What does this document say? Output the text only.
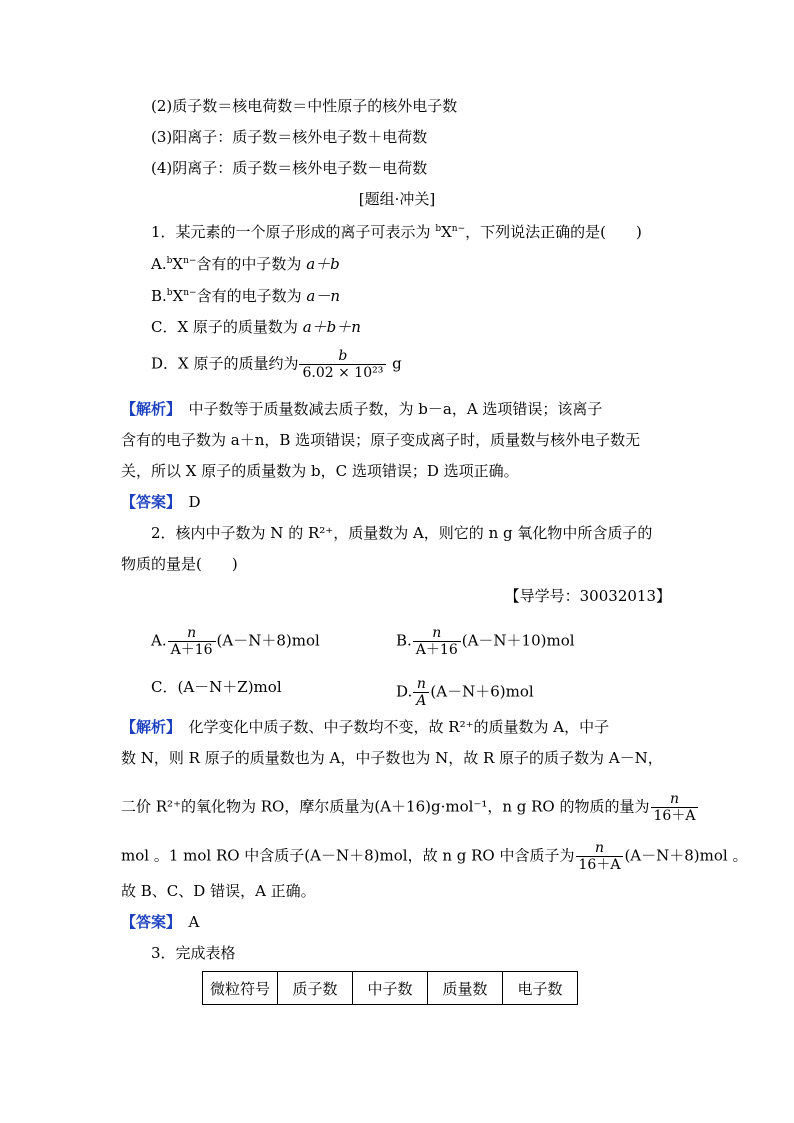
(2)质子数＝核电荷数＝中性原子的核外电子数
(3)阳离子：质子数＝核外电子数＋电荷数
(4)阴离子：质子数＝核外电子数－电荷数
[题组·冲关]
1．某元素的一个原子形成的离子可表示为 $^bX^{n-}$，下列说法正确的是(　　)
$A.^bX^{n-}$含有的中子数为 a＋b
$B.^bX^{n-}$含有的电子数为 a－n
C．X 原子的质量数为 a＋b＋n
D．X 原子的质量约为 $\frac{b}{\text{6.02 × 10²³}}$ g
【解析】　中子数等于质量数减去质子数，为 b－a，A 选项错误；该离子
含有的电子数为 a＋n，B 选项错误；原子变成离子时，质量数与核外电子数无
关，所以 X 原子的质量数为 b，C 选项错误；D 选项正确。
【答案】　D
2．核内中子数为 N 的 R²⁺，质量数为 A，则它的 n g 氧化物中所含质子的
物质的量是(　　)
【导学号：30032013】
A. $\frac{n}{A+16} (A-N+8)mol$	B. $\frac{n}{A+16} (A-N+10)mol$
C．(A－N＋Z)mol	D. $\frac{n}{A} (A-N+6)mol$
【解析】　化学变化中质子数、中子数均不变，故 R²⁺的质量数为 A，中子
数 N，则 R 原子的质量数也为 A，中子数也为 N，故 R 原子的质子数为 A－N，
二价 R²⁺的氧化物为 RO，摩尔质量为(A＋16)g·mol⁻¹，n g RO 的物质的量为 $\frac{n}{16+A}$
mol 。1 mol RO 中含质子(A－N＋8)mol，故 n g RO 中含质子为 $\frac{n}{16+A} (A-N+8)mol$ 。
故 B、C、D 错误，A 正确。
【答案】　A
3．完成表格
微粒符号	质子数	中子数	质量数	电子数
